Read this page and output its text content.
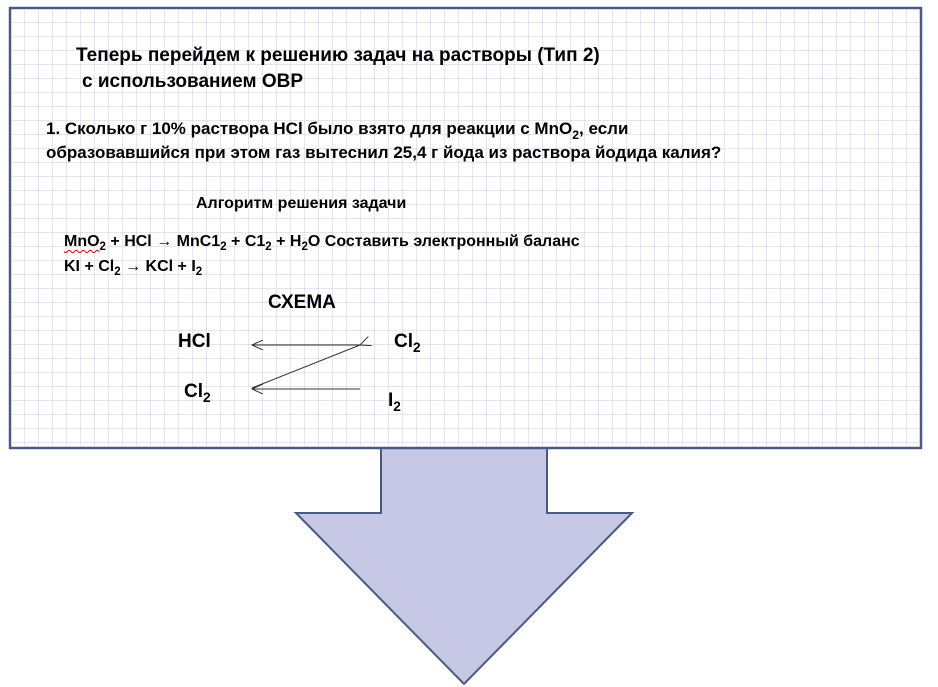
Теперь перейдем к решению задач на растворы (Тип 2)
с использованием ОВР
1. Сколько г 10% раствора HCl было взято для реакции с MnO$_2$, если
образовавшийся при этом газ вытеснил 25,4 г йода из раствора йодида калия?
Алгоритм решения задачи
MnO$_2$ + HCl → $MnC1_2 + C1_2 + H_2O$ Составить электронный баланс
KI + $Cl_2$ → KCl + $I_2$
СХЕМА
HCl	$Cl_2$
$Cl_2$	$I_2$
